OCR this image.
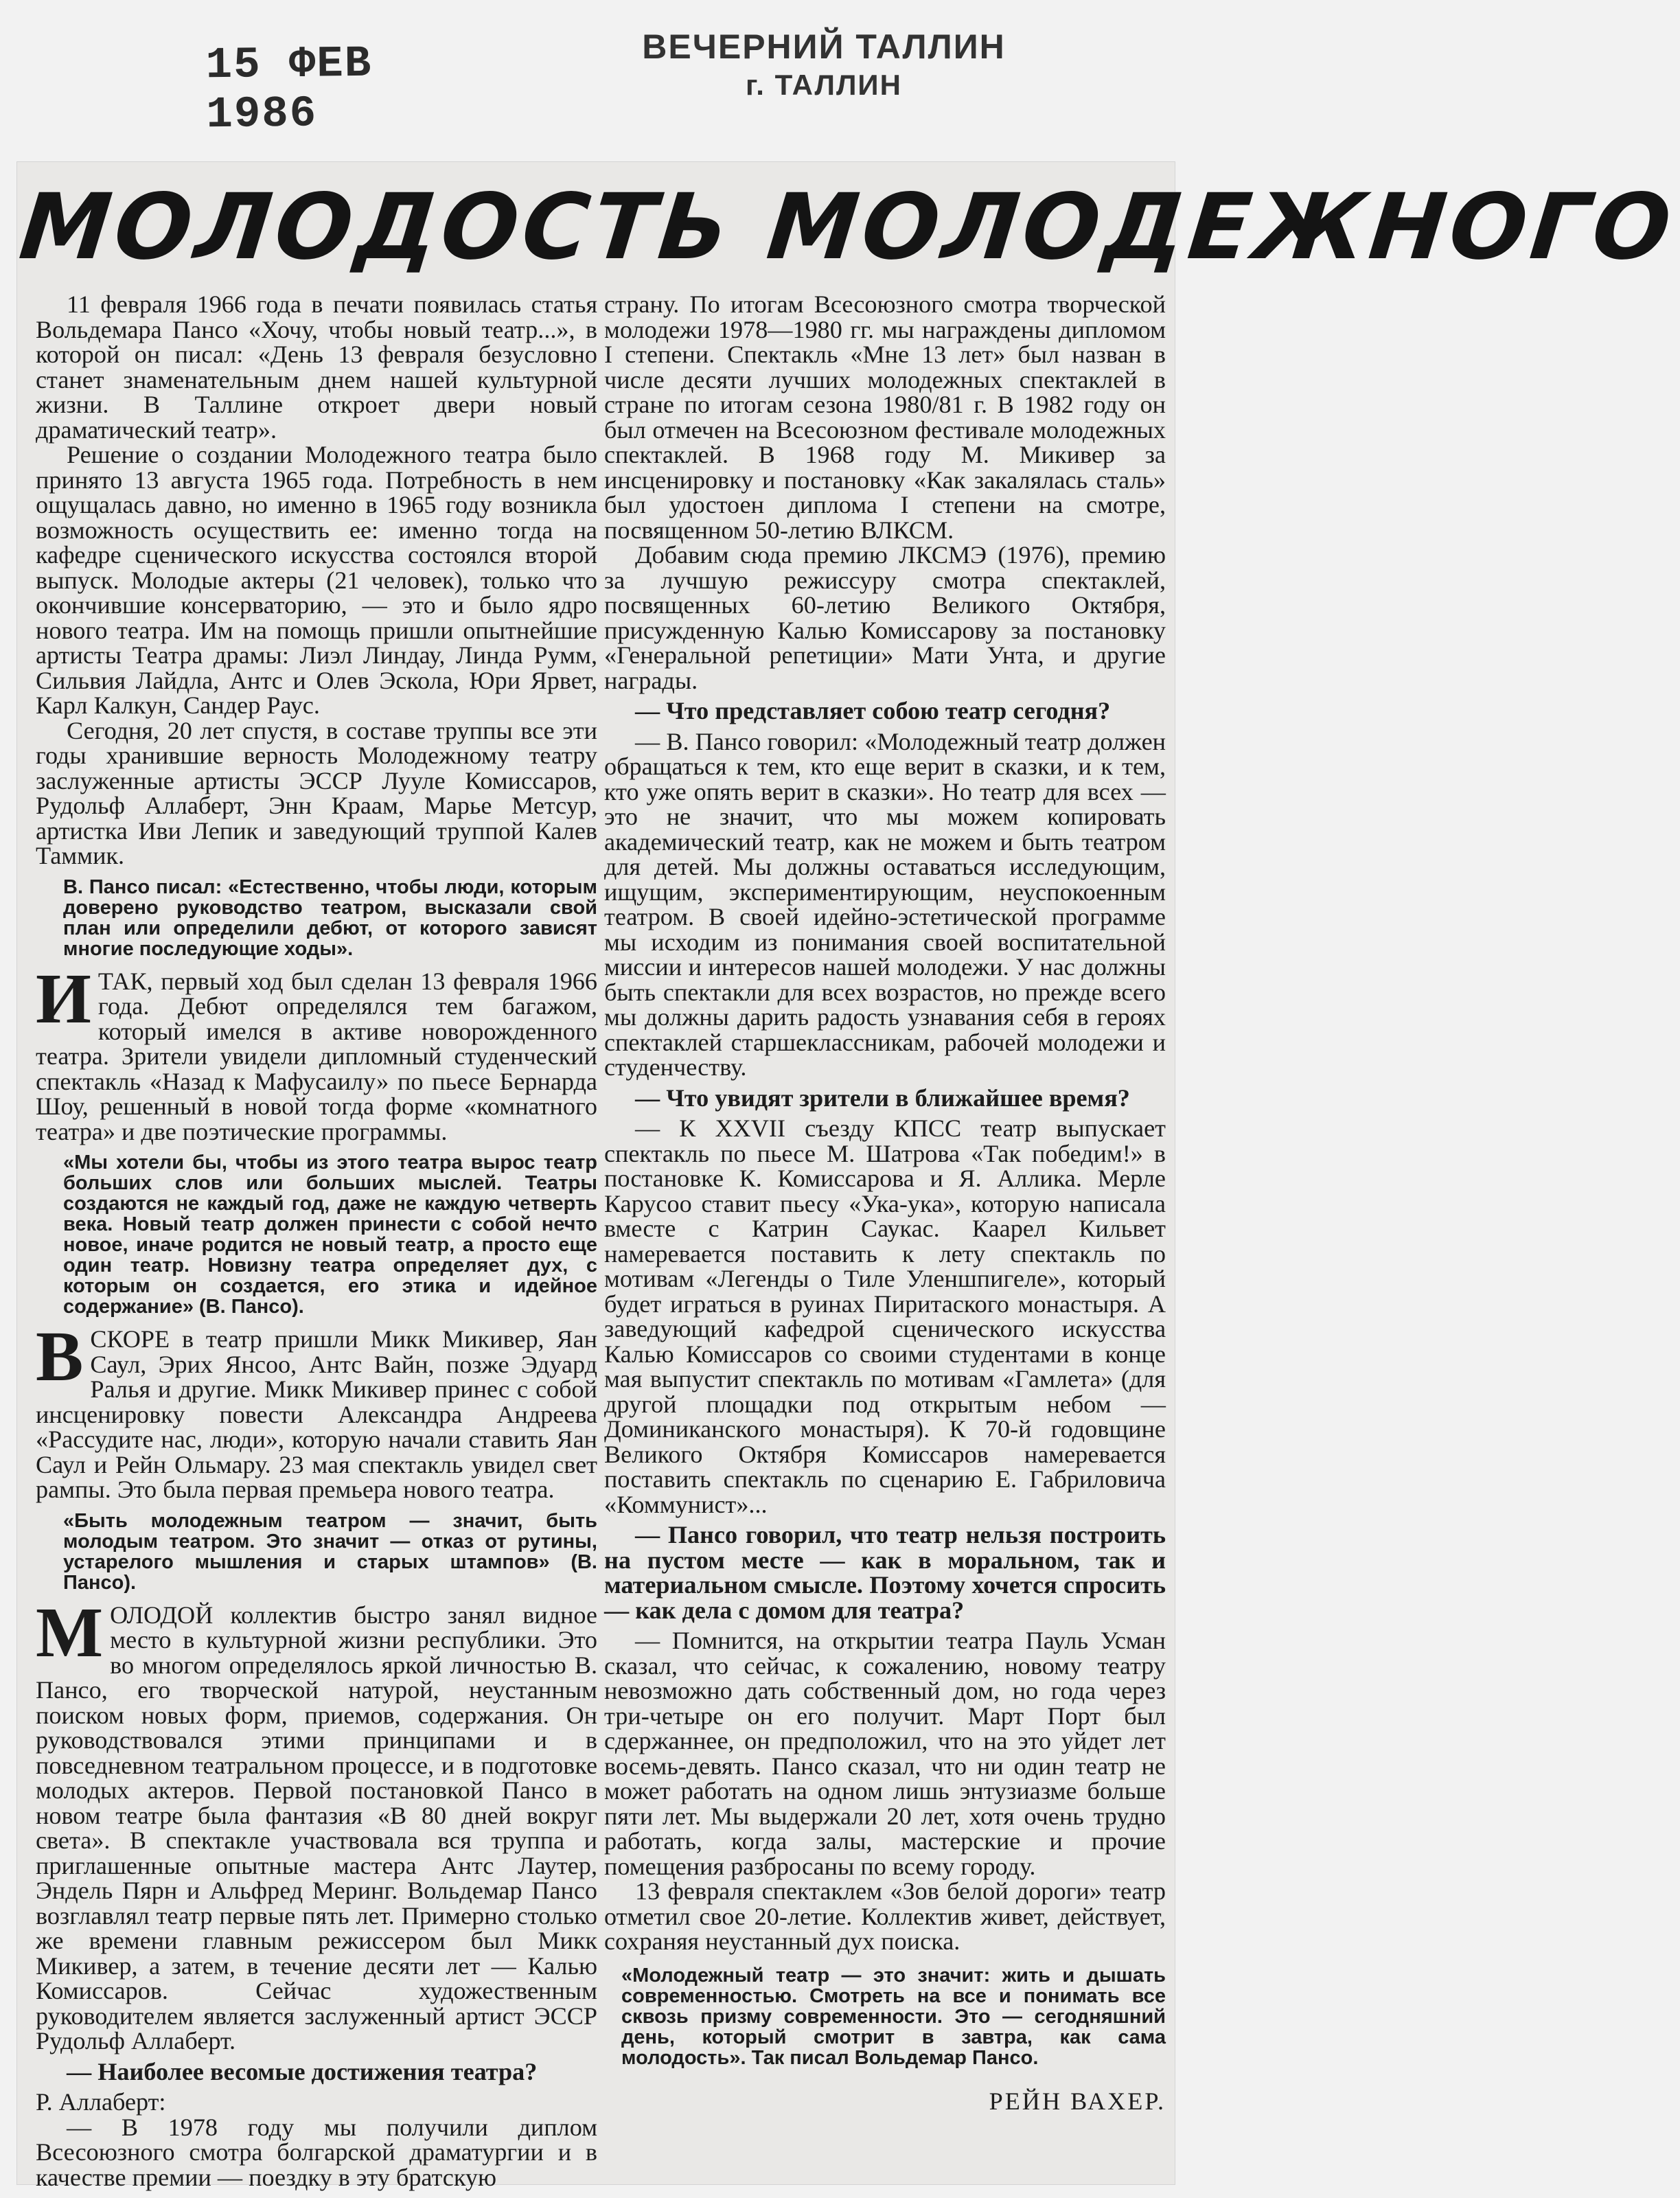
15 ФЕВ 1986
ВЕЧЕРНИЙ ТАЛЛИН
г. ТАЛЛИН
МОЛОДОСТЬ МОЛОДЕЖНОГО

11 февраля 1966 года в печати появилась статья Вольдемара Пансо «Хочу, чтобы новый театр...», в которой он писал: «День 13 февраля безусловно станет знаменательным днем нашей культурной жизни. В Таллине откроет двери новый драматический театр».

Решение о создании Молодежного театра было принято 13 августа 1965 года. Потребность в нем ощущалась давно, но именно в 1965 году возникла возможность осуществить ее: именно тогда на кафедре сценического искусства состоялся второй выпуск. Молодые актеры (21 человек), только что окончившие консерваторию, — это и было ядро нового театра. Им на помощь пришли опытнейшие артисты Театра драмы: Лиэл Линдау, Линда Румм, Сильвия Лайдла, Антс и Олев Эскола, Юри Ярвет, Карл Калкун, Сандер Раус.

Сегодня, 20 лет спустя, в составе труппы все эти годы хранившие верность Молодежному театру заслуженные артисты ЭССР Лууле Комиссаров, Рудольф Аллаберт, Энн Краам, Марье Метсур, артистка Иви Лепик и заведующий труппой Калев Таммик.

В. Пансо писал: «Естественно, чтобы люди, которым доверено руководство театром, высказали свой план или определили дебют, от которого зависят многие последующие ходы».

ИТАК, первый ход был сделан 13 февраля 1966 года. Дебют определялся тем багажом, который имелся в активе новорожденного театра. Зрители увидели дипломный студенческий спектакль «Назад к Мафусаилу» по пьесе Бернарда Шоу, решенный в новой тогда форме «комнатного театра» и две поэтические программы.

«Мы хотели бы, чтобы из этого театра вырос театр больших слов или больших мыслей. Театры создаются не каждый год, даже не каждую четверть века. Новый театр должен принести с собой нечто новое, иначе родится не новый театр, а просто еще один театр. Новизну театра определяет дух, с которым он создается, его этика и идейное содержание» (В. Пансо).

ВСКОРЕ в театр пришли Микк Микивер, Яан Саул, Эрих Янсоо, Антс Вайн, позже Эдуард Ралья и другие. Микк Микивер принес с собой инсценировку повести Александра Андреева «Рассудите нас, люди», которую начали ставить Яан Саул и Рейн Ольмару. 23 мая спектакль увидел свет рампы. Это была первая премьера нового театра.

«Быть молодежным театром — значит, быть молодым театром. Это значит — отказ от рутины, устарелого мышления и старых штампов» (В. Пансо).

МОЛОДОЙ коллектив быстро занял видное место в культурной жизни республики. Это во многом определялось яркой личностью В. Пансо, его творческой натурой, неустанным поиском новых форм, приемов, содержания. Он руководствовался этими принципами и в повседневном театральном процессе, и в подготовке молодых актеров. Первой постановкой Пансо в новом театре была фантазия «В 80 дней вокруг света». В спектакле участвовала вся труппа и приглашенные опытные мастера Антс Лаутер, Эндель Пярн и Альфред Меринг. Вольдемар Пансо возглавлял театр первые пять лет. Примерно столько же времени главным режиссером был Микк Микивер, а затем, в течение десяти лет — Калью Комиссаров. Сейчас художественным руководителем является заслуженный артист ЭССР Рудольф Аллаберт.

— Наиболее весомые достижения театра?

Р. Аллаберт:

— В 1978 году мы получили диплом Всесоюзного смотра болгарской драматургии и в качестве премии — поездку в эту братскую

страну. По итогам Всесоюзного смотра творческой молодежи 1978—1980 гг. мы награждены дипломом I степени. Спектакль «Мне 13 лет» был назван в числе десяти лучших молодежных спектаклей в стране по итогам сезона 1980/81 г. В 1982 году он был отмечен на Всесоюзном фестивале молодежных спектаклей. В 1968 году М. Микивер за инсценировку и постановку «Как закалялась сталь» был удостоен диплома I степени на смотре, посвященном 50-летию ВЛКСМ.

Добавим сюда премию ЛКСМЭ (1976), премию за лучшую режиссуру смотра спектаклей, посвященных 60-летию Великого Октября, присужденную Калью Комиссарову за постановку «Генеральной репетиции» Мати Унта, и другие награды.

— Что представляет собою театр сегодня?

— В. Пансо говорил: «Молодежный театр должен обращаться к тем, кто еще верит в сказки, и к тем, кто уже опять верит в сказки». Но театр для всех — это не значит, что мы можем копировать академический театр, как не можем и быть театром для детей. Мы должны оставаться исследующим, ищущим, экспериментирующим, неуспокоенным театром. В своей идейно-эстетической программе мы исходим из понимания своей воспитательной миссии и интересов нашей молодежи. У нас должны быть спектакли для всех возрастов, но прежде всего мы должны дарить радость узнавания себя в героях спектаклей старшеклассникам, рабочей молодежи и студенчеству.

— Что увидят зрители в ближайшее время?

— К XXVII съезду КПСС театр выпускает спектакль по пьесе М. Шатрова «Так победим!» в постановке К. Комиссарова и Я. Аллика. Мерле Карусоо ставит пьесу «Ука-ука», которую написала вместе с Катрин Саукас. Каарел Кильвет намеревается поставить к лету спектакль по мотивам «Легенды о Тиле Уленшпигеле», который будет играться в руинах Пиритаского монастыря. А заведующий кафедрой сценического искусства Калью Комиссаров со своими студентами в конце мая выпустит спектакль по мотивам «Гамлета» (для другой площадки под открытым небом — Доминиканского монастыря). К 70-й годовщине Великого Октября Комиссаров намеревается поставить спектакль по сценарию Е. Габриловича «Коммунист»...

— Пансо говорил, что театр нельзя построить на пустом месте — как в моральном, так и материальном смысле. Поэтому хочется спросить — как дела с домом для театра?

— Помнится, на открытии театра Пауль Усман сказал, что сейчас, к сожалению, новому театру невозможно дать собственный дом, но года через три-четыре он его получит. Март Порт был сдержаннее, он предположил, что на это уйдет лет восемь-девять. Пансо сказал, что ни один театр не может работать на одном лишь энтузиазме больше пяти лет. Мы выдержали 20 лет, хотя очень трудно работать, когда залы, мастерские и прочие помещения разбросаны по всему городу.

13 февраля спектаклем «Зов белой дороги» театр отметил свое 20-летие. Коллектив живет, действует, сохраняя неустанный дух поиска.

«Молодежный театр — это значит: жить и дышать современностью. Смотреть на все и понимать все сквозь призму современности. Это — сегодняшний день, который смотрит в завтра, как сама молодость». Так писал Вольдемар Пансо.

РЕЙН ВАХЕР.
